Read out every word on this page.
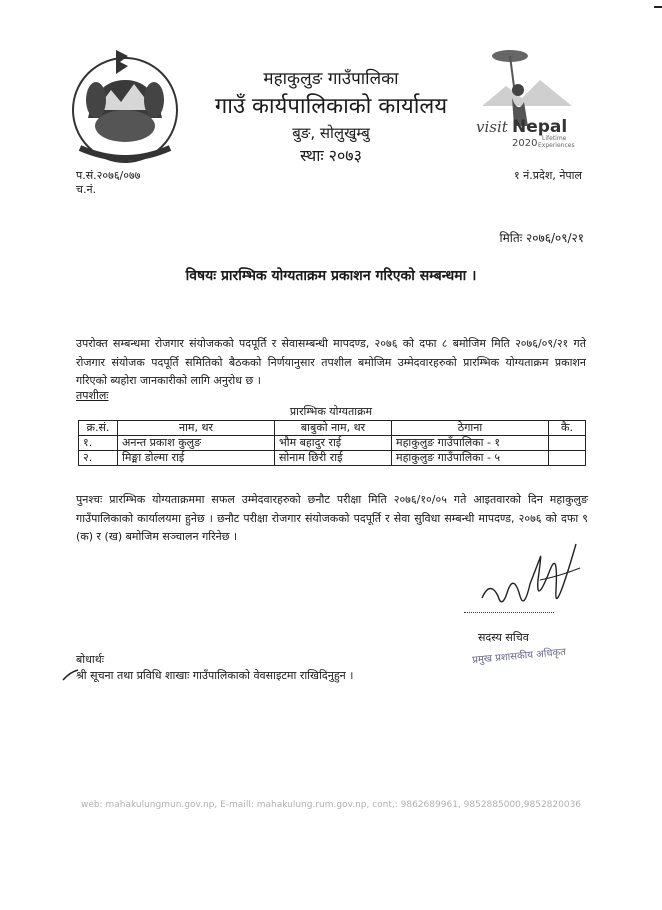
visit Nepal
2020 Lifetime
Experiences
महाकुलुङ गाउँपालिका
गाउँ कार्यपालिकाको कार्यालय
बुङ, सोलुखुम्बु
स्थाः २०७३
प.सं.२०७६/०७७
च.नं.
१ नं.प्रदेश, नेपाल
मितिः २०७६/०९/२१
विषयः प्रारम्भिक योग्यताक्रम प्रकाशन गरिएको सम्बन्धमा ।
उपरोक्त सम्बन्धमा रोजगार संयोजकको पदपूर्ति र सेवासम्बन्धी मापदण्ड, २०७६ को दफा ८ बमोजिम मिति २०७६/०९/२१ गते रोजगार संयोजक पदपूर्ति समितिको बैठकको निर्णयानुसार तपशील बमोजिम उम्मेदवारहरुको प्रारम्भिक योग्यताक्रम प्रकाशन गरिएको ब्यहोरा जानकारीको लागि अनुरोध छ ।
तपशीलः
प्रारम्भिक योग्यताक्रम
क्र.सं.	नाम, थर	बाबुको नाम, थर	ठेगाना	कै.
१.	अनन्त प्रकाश कुलुङ	भौम बहादुर राई	महाकुलुङ गाउँपालिका - १	
२.	मिङ्मा डोल्मा राई	सोनाम छिरी राई	महाकुलुङ गाउँपालिका - ५	
पुनश्चः प्रारम्भिक योग्यताक्रममा सफल उम्मेदवारहरुको छनौट परीक्षा मिति २०७६/१०/०५ गते आइतवारको दिन महाकुलुङ गाउँपालिकाको कार्यालयमा हुनेछ । छनौट परीक्षा रोजगार संयोजकको पदपूर्ति र सेवा सुविधा सम्बन्धी मापदण्ड, २०७६ को दफा ९ (क) र (ख) बमोजिम सञ्चालन गरिनेछ ।
सदस्य सचिव
प्रमुख प्रशासकीय अधिकृत
बोधार्थः
श्री सूचना तथा प्रविधि शाखाः गाउँपालिकाको वेवसाइटमा राखिदिनुहुन ।
web: mahakulungmun.gov.np, E-maill: mahakulung.rum.gov.np, cont,: 9862689961, 9852885000,9852820036
